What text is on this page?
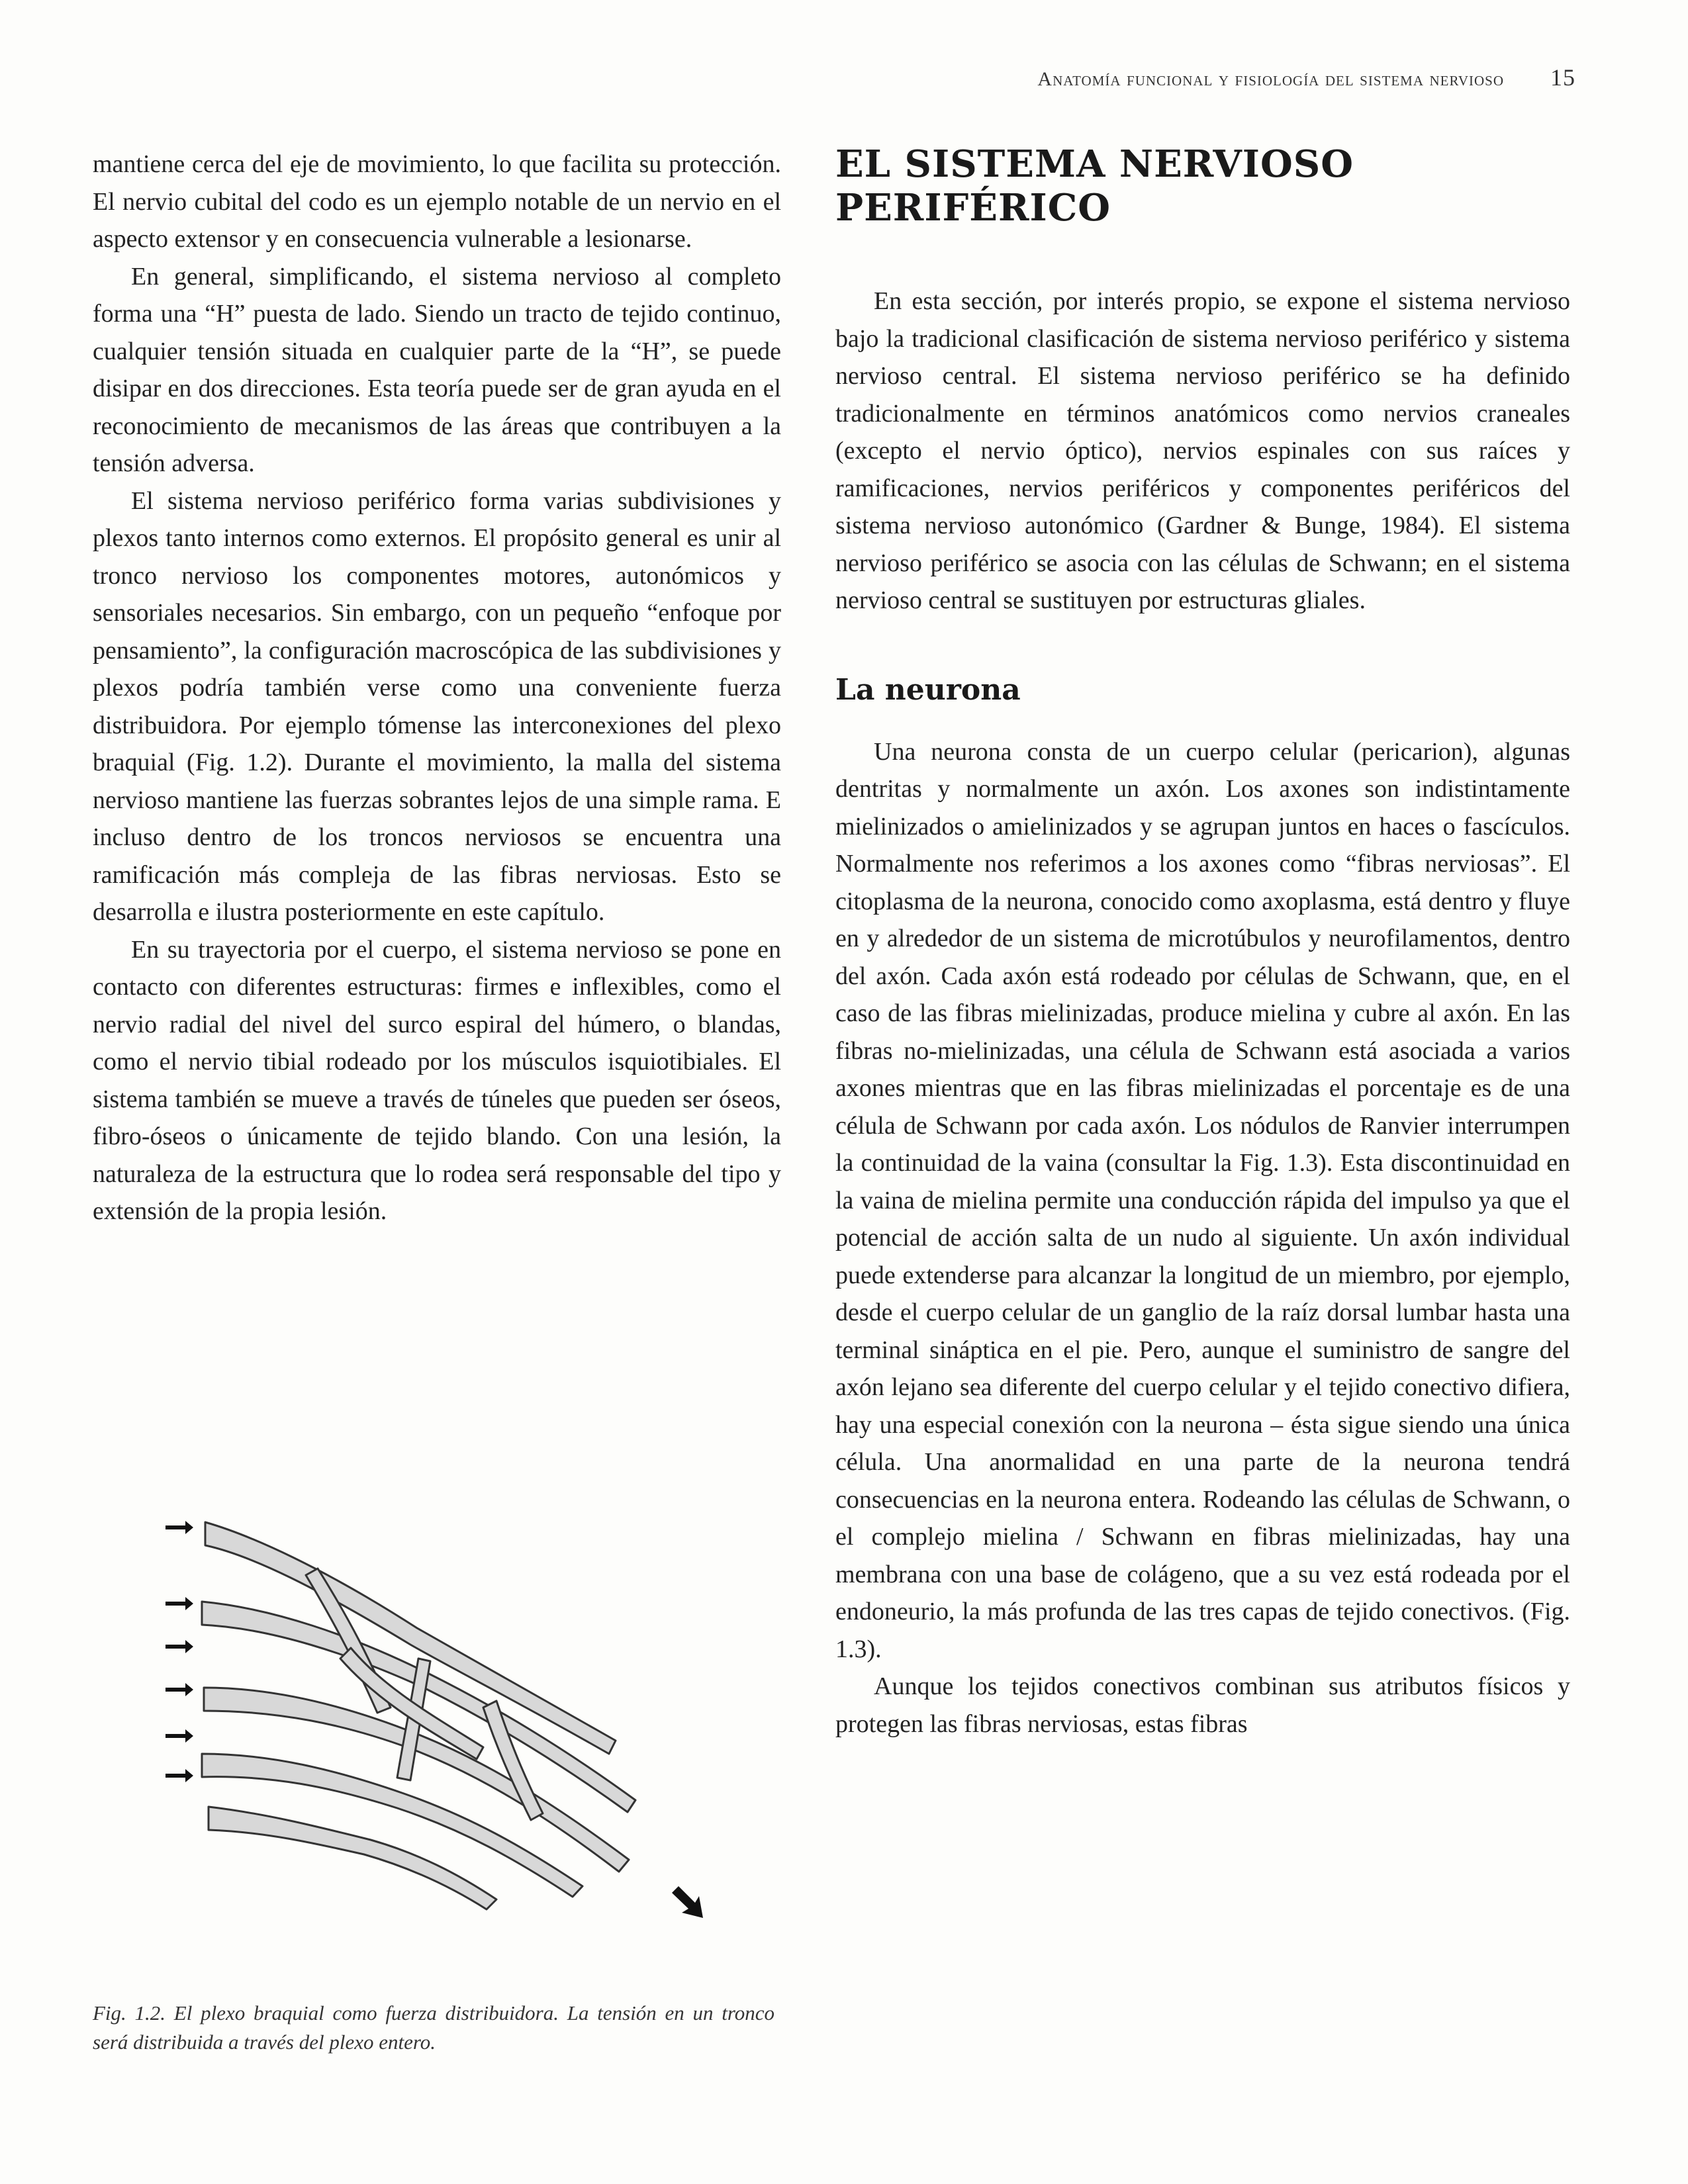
Anatomía funcional y fisiología del sistema nervioso 15

mantiene cerca del eje de movimiento, lo que facilita su protección. El nervio cubital del codo es un ejemplo notable de un nervio en el aspecto extensor y en consecuencia vulnerable a lesionarse.

En general, simplificando, el sistema nervioso al completo forma una “H” puesta de lado. Siendo un tracto de tejido continuo, cualquier tensión situada en cualquier parte de la “H”, se puede disipar en dos direcciones. Esta teoría puede ser de gran ayuda en el reconocimiento de mecanismos de las áreas que contribuyen a la tensión adversa.

El sistema nervioso periférico forma varias subdivisiones y plexos tanto internos como externos. El propósito general es unir al tronco nervioso los componentes motores, autonómicos y sensoriales necesarios. Sin embargo, con un pequeño “enfoque por pensamiento”, la configuración macroscópica de las subdivisiones y plexos podría también verse como una conveniente fuerza distribuidora. Por ejemplo tómense las interconexiones del plexo braquial (Fig. 1.2). Durante el movimiento, la malla del sistema nervioso mantiene las fuerzas sobrantes lejos de una simple rama. E incluso dentro de los troncos nerviosos se encuentra una ramificación más compleja de las fibras nerviosas. Esto se desarrolla e ilustra posteriormente en este capítulo.

En su trayectoria por el cuerpo, el sistema nervioso se pone en contacto con diferentes estructuras: firmes e inflexibles, como el nervio radial del nivel del surco espiral del húmero, o blandas, como el nervio tibial rodeado por los músculos isquiotibiales. El sistema también se mueve a través de túneles que pueden ser óseos, fibro-óseos o únicamente de tejido blando. Con una lesión, la naturaleza de la estructura que lo rodea será responsable del tipo y extensión de la propia lesión.

Fig. 1.2. El plexo braquial como fuerza distribuidora. La tensión en un tronco será distribuida a través del plexo entero.
EL SISTEMA NERVIOSO
PERIFÉRICO

En esta sección, por interés propio, se expone el sistema nervioso bajo la tradicional clasificación de sistema nervioso periférico y sistema nervioso central. El sistema nervioso periférico se ha definido tradicionalmente en términos anatómicos como nervios craneales (excepto el nervio óptico), nervios espinales con sus raíces y ramificaciones, nervios periféricos y componentes periféricos del sistema nervioso autonómico (Gardner & Bunge, 1984). El sistema nervioso periférico se asocia con las células de Schwann; en el sistema nervioso central se sustituyen por estructuras gliales.

La neurona

Una neurona consta de un cuerpo celular (pericarion), algunas dentritas y normalmente un axón. Los axones son indistintamente mielinizados o amielinizados y se agrupan juntos en haces o fascículos. Normalmente nos referimos a los axones como “fibras nerviosas”. El citoplasma de la neurona, conocido como axoplasma, está dentro y fluye en y alrededor de un sistema de microtúbulos y neurofilamentos, dentro del axón. Cada axón está rodeado por células de Schwann, que, en el caso de las fibras mielinizadas, produce mielina y cubre al axón. En las fibras no-mielinizadas, una célula de Schwann está asociada a varios axones mientras que en las fibras mielinizadas el porcentaje es de una célula de Schwann por cada axón. Los nódulos de Ranvier interrumpen la continuidad de la vaina (consultar la Fig. 1.3). Esta discontinuidad en la vaina de mielina permite una conducción rápida del impulso ya que el potencial de acción salta de un nudo al siguiente. Un axón individual puede extenderse para alcanzar la longitud de un miembro, por ejemplo, desde el cuerpo celular de un ganglio de la raíz dorsal lumbar hasta una terminal sináptica en el pie. Pero, aunque el suministro de sangre del axón lejano sea diferente del cuerpo celular y el tejido conectivo difiera, hay una especial conexión con la neurona – ésta sigue siendo una única célula. Una anormalidad en una parte de la neurona tendrá consecuencias en la neurona entera. Rodeando las células de Schwann, o el complejo mielina / Schwann en fibras mielinizadas, hay una membrana con una base de colágeno, que a su vez está rodeada por el endoneurio, la más profunda de las tres capas de tejido conectivos. (Fig. 1.3).

Aunque los tejidos conectivos combinan sus atributos físicos y protegen las fibras nerviosas, estas fibras
